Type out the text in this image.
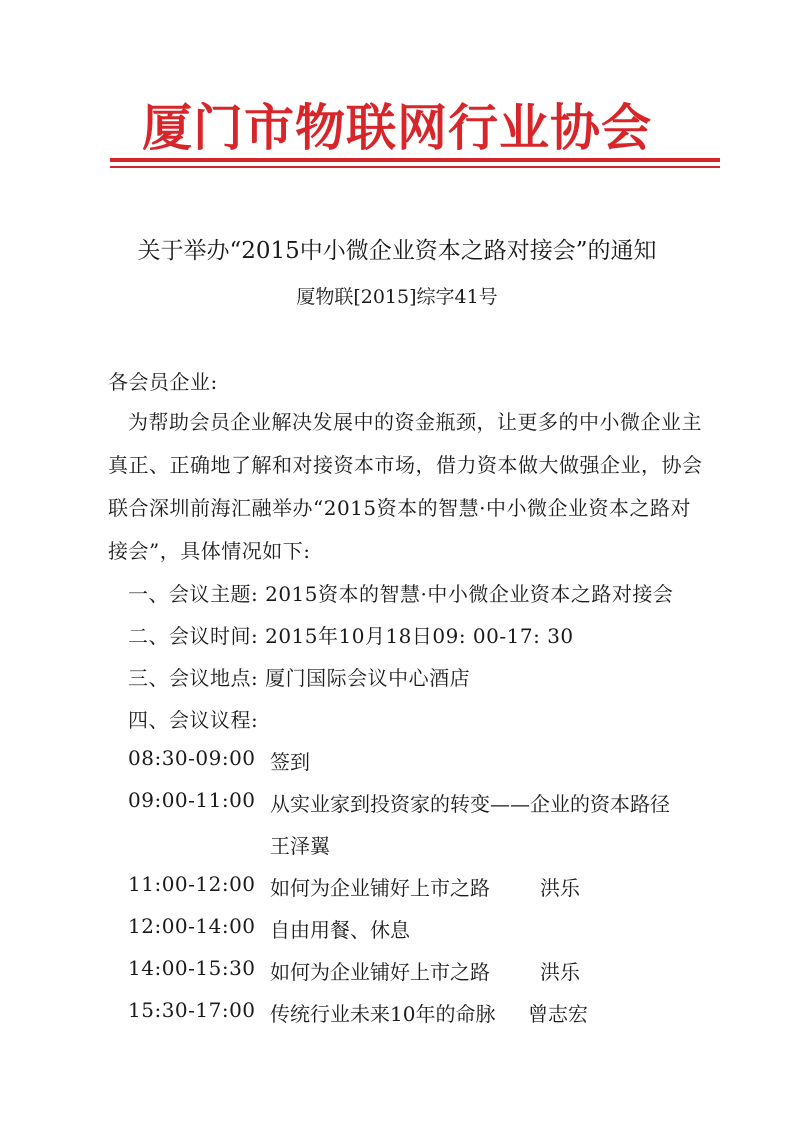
厦门市物联网行业协会
关于举办“2015中小微企业资本之路对接会”的通知
厦物联[2015]综字41号
各会员企业:
为帮助会员企业解决发展中的资金瓶颈，让更多的中小微企业主
真正、正确地了解和对接资本市场，借力资本做大做强企业，协会
联合深圳前海汇融举办“2015资本的智慧·中小微企业资本之路对
接会”，具体情况如下:
一、会议主题: 2015资本的智慧·中小微企业资本之路对接会
二、会议时间: 2015年10月18日09: 00-17: 30
三、会议地点: 厦门国际会议中心酒店
四、会议议程:
08:30-09:00 签到
09:00-11:00 从实业家到投资家的转变——企业的资本路径
王泽翼
11:00-12:00 如何为企业铺好上市之路	洪乐
12:00-14:00 自由用餐、休息
14:00-15:30 如何为企业铺好上市之路	洪乐
15:30-17:00 传统行业未来10年的命脉 曾志宏
